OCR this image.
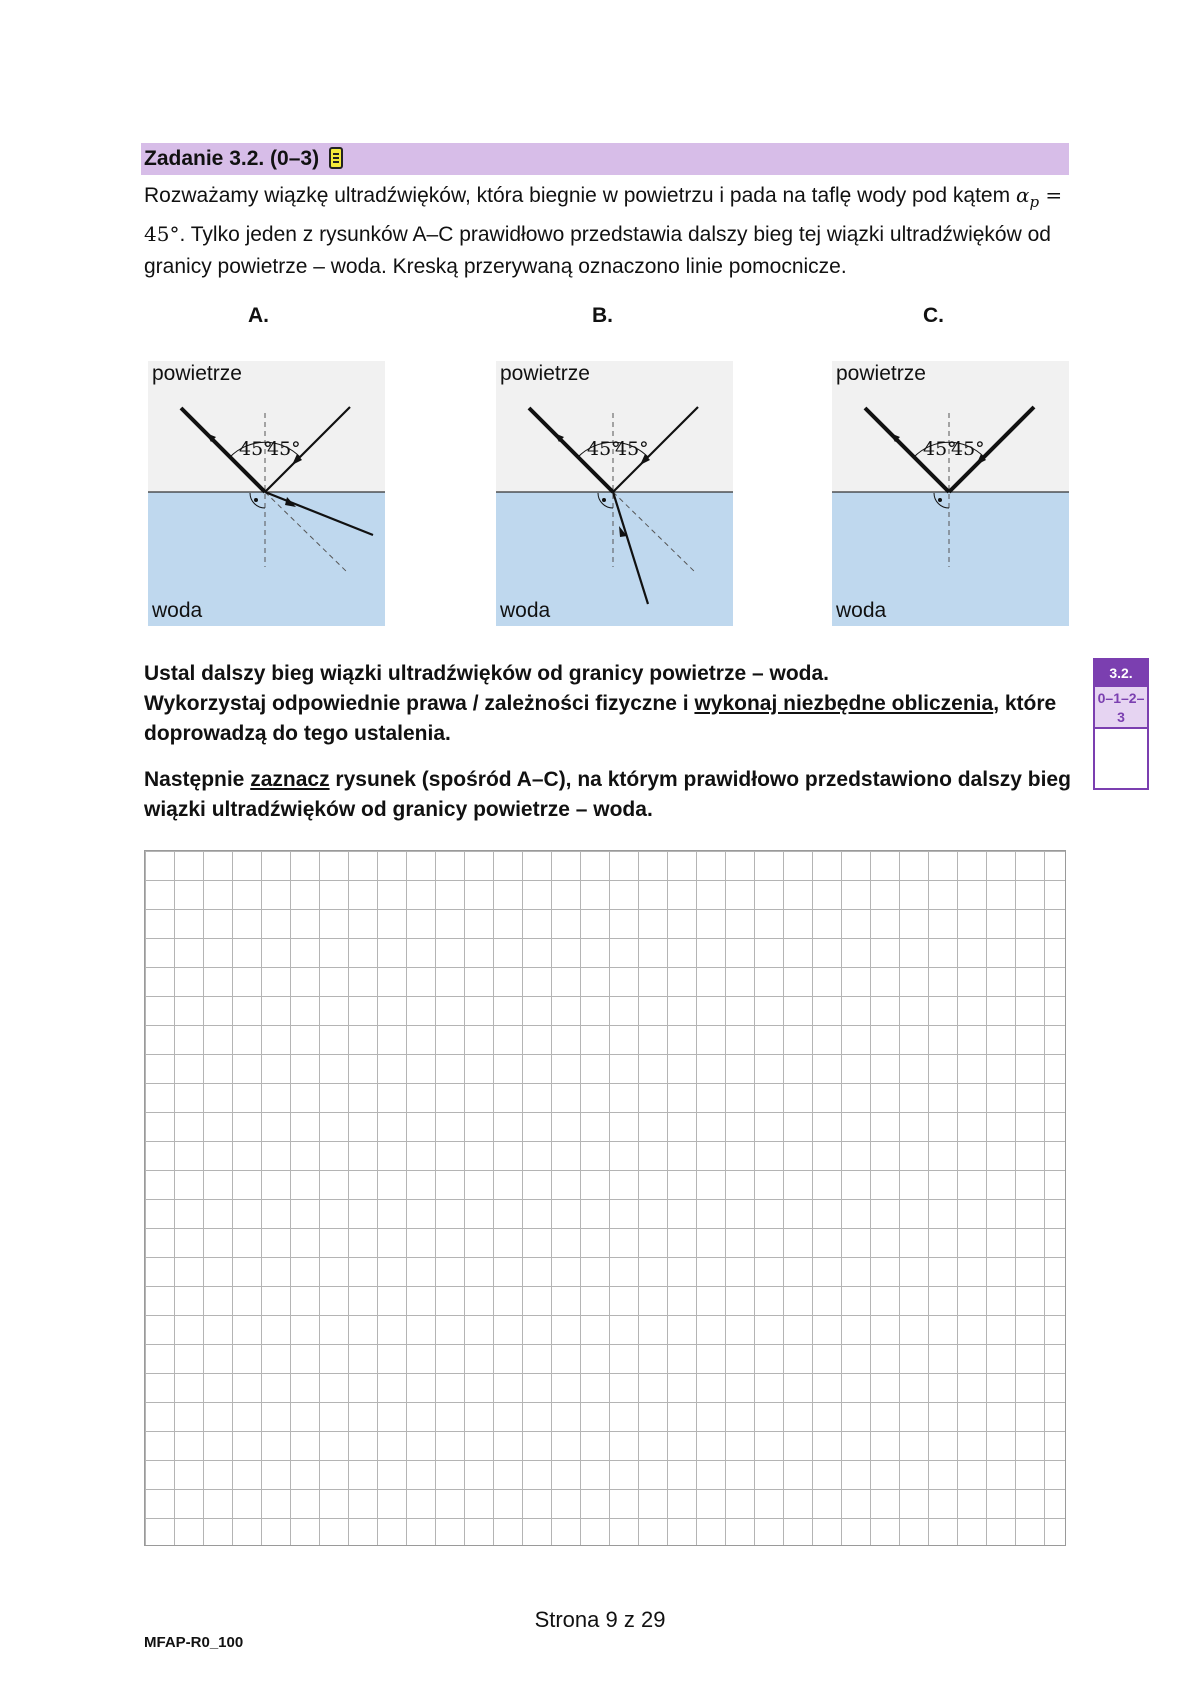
Zadanie 3.2. (0–3)
Rozważamy wiązkę ultradźwięków, która biegnie w powietrzu i pada na taflę wody pod kątem $\alpha_p = 45^\circ$. Tylko jeden z rysunków A–C prawidłowo przedstawia dalszy bieg tej wiązki ultradźwięków od granicy powietrze – woda. Kreską przerywaną oznaczono linie pomocnicze.
A.	B.	C.
45°
45°
powietrze
woda
45°
45°
powietrze
woda
45°
45°
powietrze
woda

Ustal dalszy bieg wiązki ultradźwięków od granicy powietrze – woda.

Wykorzystaj odpowiednie prawa / zależności fizyczne i wykonaj niezbędne obliczenia, które doprowadzą do tego ustalenia.

Następnie zaznacz rysunek (spośród A–C), na którym prawidłowo przedstawiono dalszy bieg wiązki ultradźwięków od granicy powietrze – woda.

3.2.
0–1–2–3
Strona 9 z 29
MFAP-R0_100
